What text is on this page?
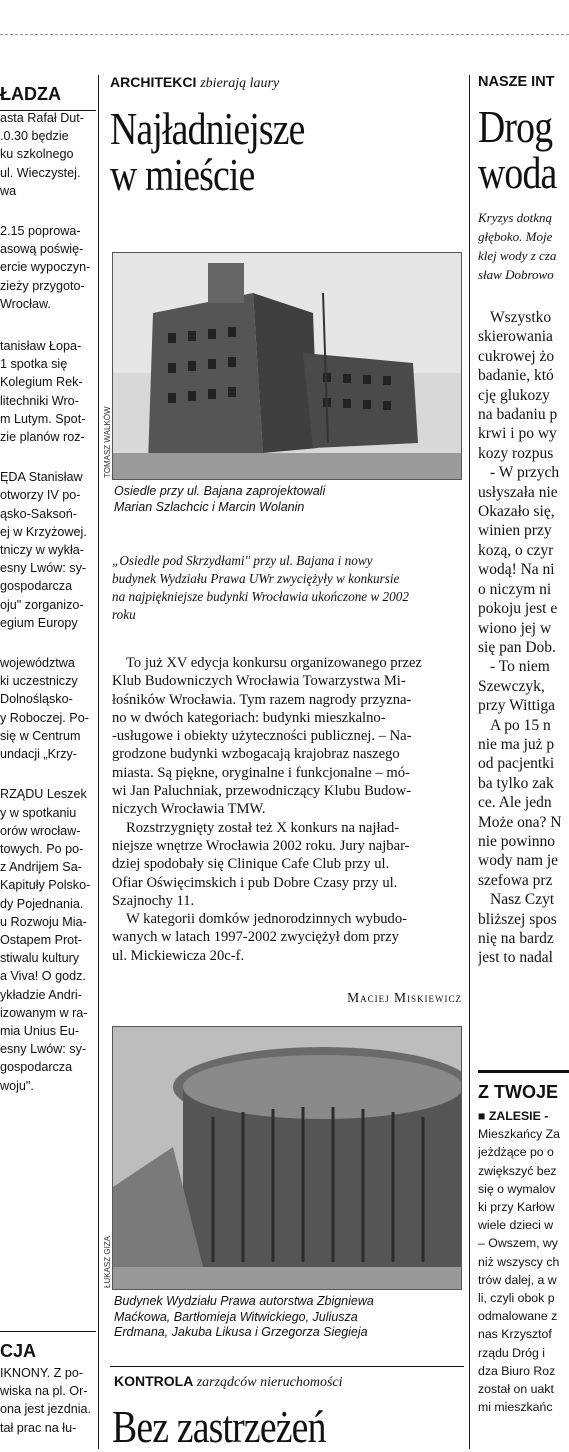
ŁADZA
asta Rafał Dut-
.0.30 będzie
ku szkolnego
ul. Wieczystej.
wa
2.15 poprowa-
asową poświę-
ercie wypoczyn-
zieży przygoto-
Wrocław.
tanisław Łopa-
1 spotka się
Kolegium Rek-
litechniki Wro-
m Lutym. Spot-
zie planów roz-
ĘDA Stanisław
otworzy IV po-
ąsko-Saksoń-
ej w Krzyżowej.
tniczy w wykła-
esny Lwów: sy-
gospodarcza
oju" zorganizo-
egium Europy
województwa
ki uczestniczy
Dolnośląsko-
y Roboczej. Po-
się w Centrum
undacji „Krzy-
RZĄDU Leszek
y w spotkaniu
orów wrocław-
towych. Po po-
z Andrijem Sa-
Kapituły Polsko-
dy Pojednania.
u Rozwoju Mia-
Ostapem Prot-
stiwalu kultury
a Viva! O godz.
ykładzie Andri-
izowanym w ra-
mia Unius Eu-
esny Lwów: sy-
gospodarcza
woju".
CJA
IKNONY. Z po-
wiska na pl. Or-
ona jest jezdnia.
tał prac na łu-
ARCHITEKCI zbierają laury
Najładniejsze
w mieście
TOMASZ WALKÓW
Osiedle przy ul. Bajana zaprojektowali
Marian Szlachcic i Marcin Wolanin
„Osiedle pod Skrzydłami" przy ul. Bajana i nowy
budynek Wydziału Prawa UWr zwyciężyły w konkursie
na najpiękniejsze budynki Wrocławia ukończone w 2002
roku
To już XV edycja konkursu organizowanego przez
Klub Budowniczych Wrocławia Towarzystwa Mi-
łośników Wrocławia. Tym razem nagrody przyzna-
no w dwóch kategoriach: budynki mieszkalno-
-usługowe i obiekty użyteczności publicznej. – Na-
grodzone budynki wzbogacają krajobraz naszego
miasta. Są piękne, oryginalne i funkcjonalne – mó-
wi Jan Paluchniak, przewodniczący Klubu Budow-
niczych Wrocławia TMW.
Rozstrzygnięty został też X konkurs na najład-
niejsze wnętrze Wrocławia 2002 roku. Jury najbar-
dziej spodobały się Clinique Cafe Club przy ul.
Ofiar Oświęcimskich i pub Dobre Czasy przy ul.
Szajnochy 11.
W kategorii domków jednorodzinnych wybudo-
wanych w latach 1997-2002 zwyciężył dom przy
ul. Mickiewicza 20c-f.
Maciej Miskiewicz
ŁUKASZ GIZA
Budynek Wydziału Prawa autorstwa Zbigniewa
Maćkowa, Bartłomieja Witwickiego, Juliusza
Erdmana, Jakuba Likusa i Grzegorza Siegieja
KONTROLA zarządców nieruchomości
Bez zastrzeżeń
NASZE INT
Drog
woda
Kryzys dotkną
głęboko. Moje
klej wody z cza
sław Dobrowo
Wszystko
skierowania
cukrowej żo
badanie, któ
cję glukozy
na badaniu p
krwi i po wy
kozy rozpus
- W przych
usłyszała nie
Okazało się,
winien przy
kozą, o czyr
wodą! Na ni
o niczym ni
pokoju jest e
wiono jej w
się pan Dob.
- To niem
Szewczyk,
przy Wittiga
A po 15 n
nie ma już p
od pacjentki
ba tylko zak
ce. Ale jedn
Może ona? N
nie powinno
wody nam je
szefowa prz
Nasz Czyt
bliższej spos
nię na bardz
jest to nadal
Z TWOJE
■ ZALESIE -
Mieszkańcy Za
jeżdżące po o
zwiększyć bez
się o wymalov
ki przy Karłow
wiele dzieci w
– Owszem, wy
niż wszyscy ch
trów dalej, a w
li, czyli obok p
odmalowane z
nas Krzysztof
rządu Dróg i
dza Biuro Roz
został on uakt
mi mieszkańc
